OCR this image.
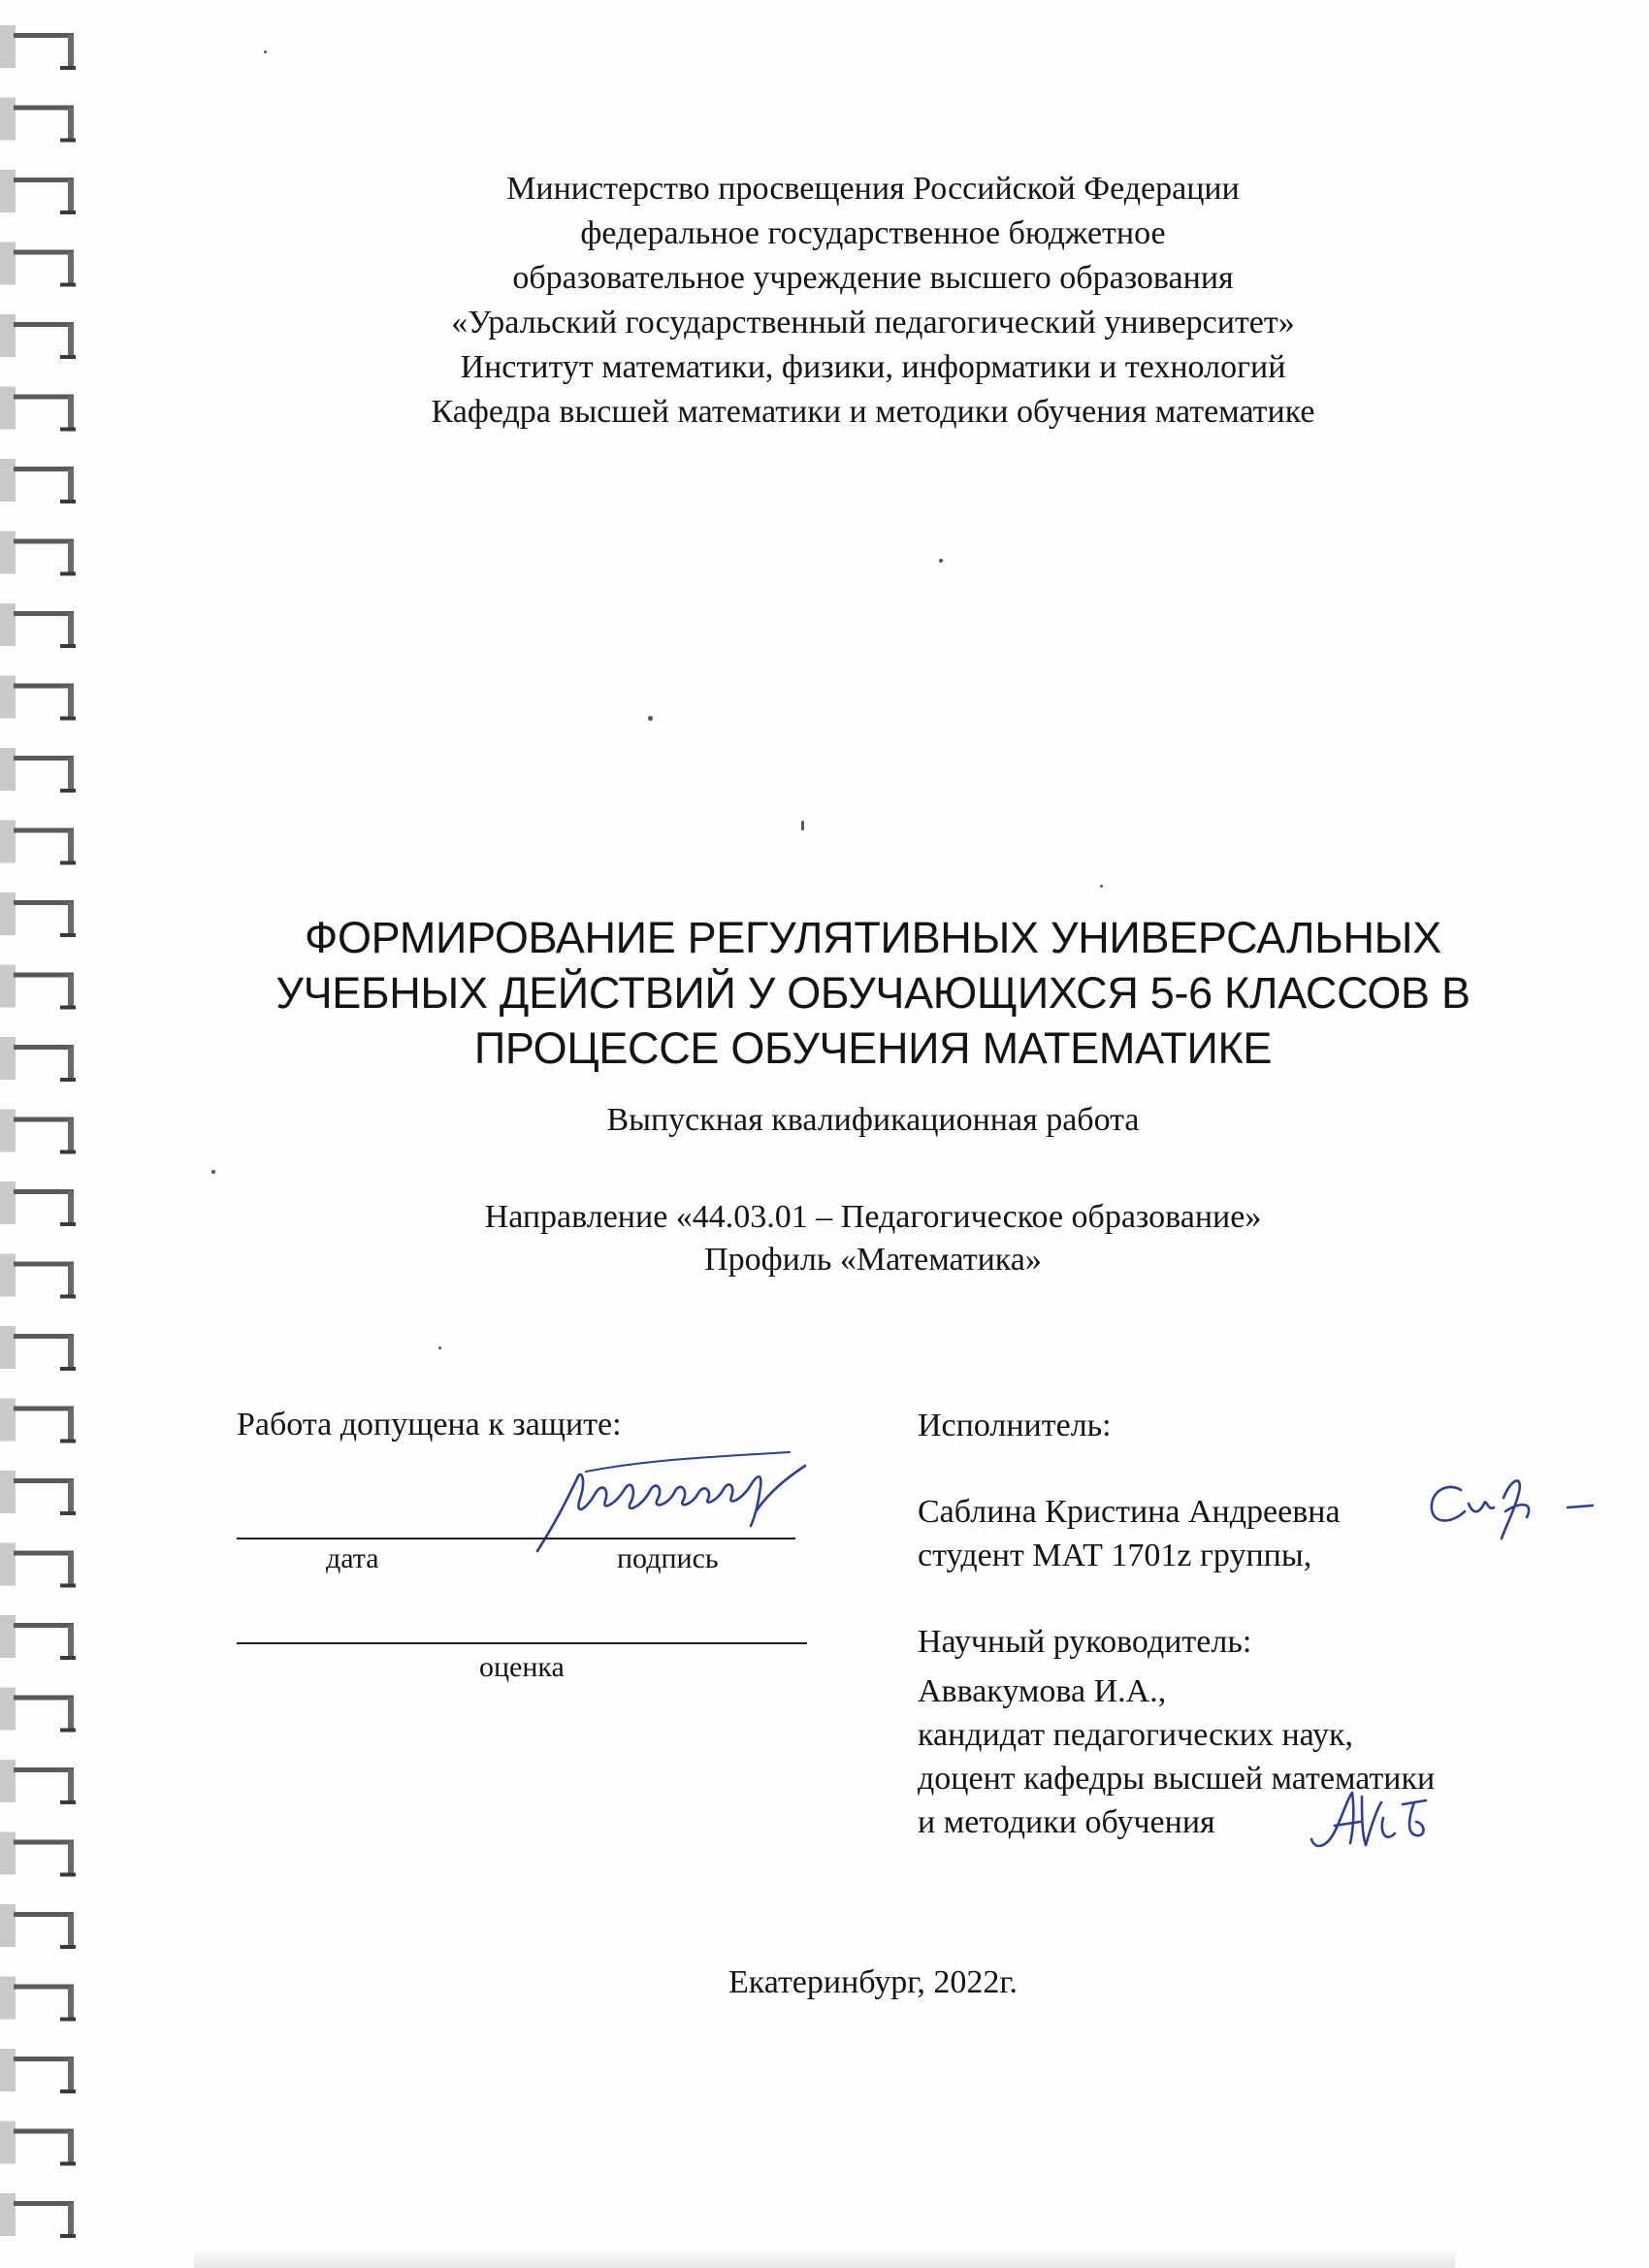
Министерство просвещения Российской Федерации
федеральное государственное бюджетное
образовательное учреждение высшего образования
«Уральский государственный педагогический университет»
Институт математики, физики, информатики и технологий
Кафедра высшей математики и методики обучения математике
ФОРМИРОВАНИЕ РЕГУЛЯТИВНЫХ УНИВЕРСАЛЬНЫХ
УЧЕБНЫХ ДЕЙСТВИЙ У ОБУЧАЮЩИХСЯ 5-6 КЛАССОВ В
ПРОЦЕССЕ ОБУЧЕНИЯ МАТЕМАТИКЕ
Выпускная квалификационная работа
Направление «44.03.01 – Педагогическое образование»
Профиль «Математика»
Работа допущена к защите:
дата	подпись
оценка
Исполнитель:
Саблина Кристина Андреевна
студент МАТ 1701z группы,
Научный руководитель:
Аввакумова И.А.,
кандидат педагогических наук,
доцент кафедры высшей математики
и методики обучения
Екатеринбург, 2022г.
